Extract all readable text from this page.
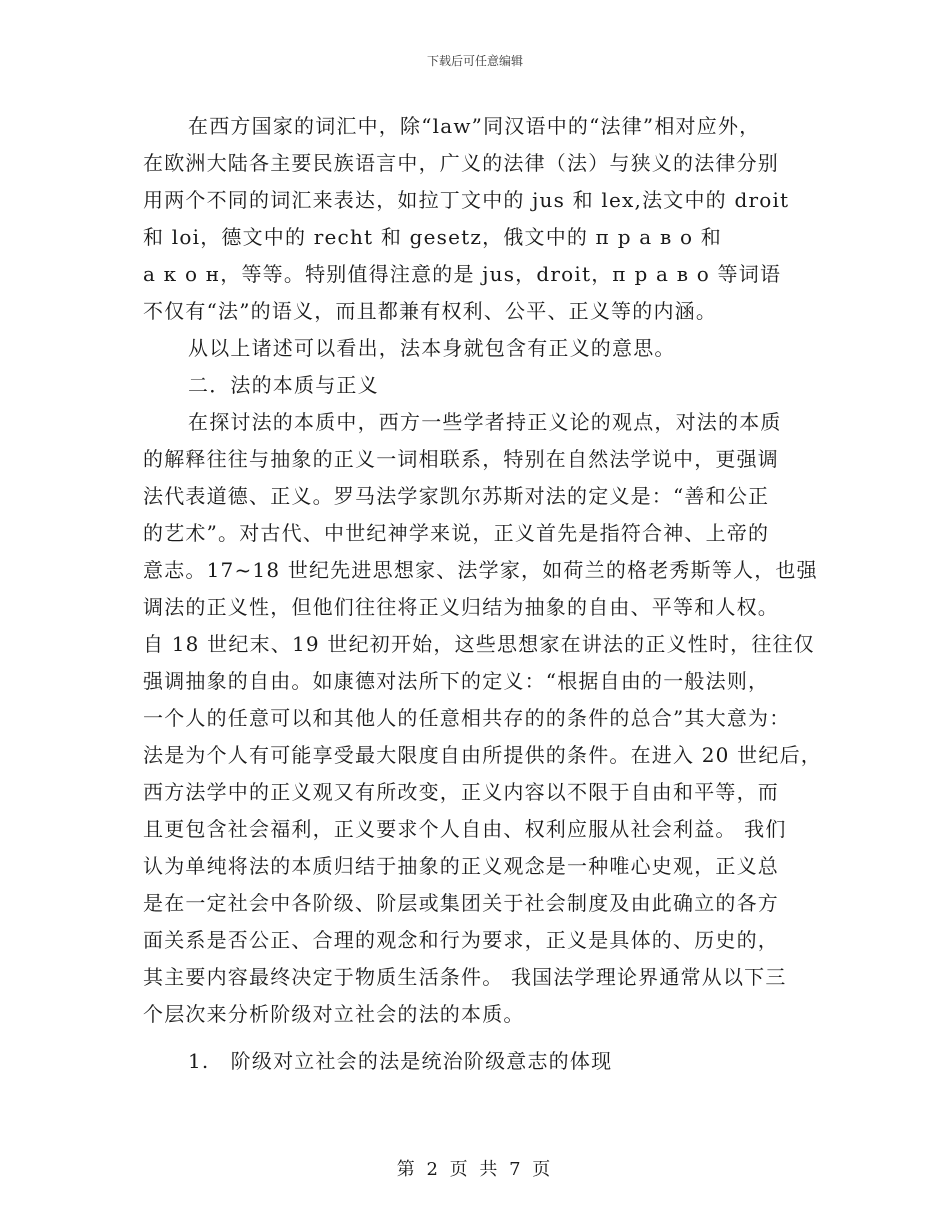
下载后可任意编辑
在西方国家的词汇中，除“law”同汉语中的“法律”相对应外，
在欧洲大陆各主要民族语言中，广义的法律（法）与狭义的法律分别
用两个不同的词汇来表达，如拉丁文中的 jus 和 lex,法文中的 droit
和 loi，德文中的 recht 和 gesetz，俄文中的 п р а в о 和
а к о н，等等。特别值得注意的是 jus，droit，п р а в о 等词语
不仅有“法”的语义，而且都兼有权利、公平、正义等的内涵。
从以上诸述可以看出，法本身就包含有正义的意思。
二．法的本质与正义
在探讨法的本质中，西方一些学者持正义论的观点，对法的本质
的解释往往与抽象的正义一词相联系，特别在自然法学说中，更强调
法代表道德、正义。罗马法学家凯尔苏斯对法的定义是：“善和公正
的艺术”。对古代、中世纪神学来说，正义首先是指符合神、上帝的
意志。17~18 世纪先进思想家、法学家，如荷兰的格老秀斯等人，也强
调法的正义性，但他们往往将正义归结为抽象的自由、平等和人权。
自 18 世纪末、19 世纪初开始，这些思想家在讲法的正义性时，往往仅
强调抽象的自由。如康德对法所下的定义：“根据自由的一般法则，
一个人的任意可以和其他人的任意相共存的的条件的总合”其大意为：
法是为个人有可能享受最大限度自由所提供的条件。在进入 20 世纪后，
西方法学中的正义观又有所改变，正义内容以不限于自由和平等，而
且更包含社会福利，正义要求个人自由、权利应服从社会利益。 我们
认为单纯将法的本质归结于抽象的正义观念是一种唯心史观，正义总
是在一定社会中各阶级、阶层或集团关于社会制度及由此确立的各方
面关系是否公正、合理的观念和行为要求，正义是具体的、历史的，
其主要内容最终决定于物质生活条件。 我国法学理论界通常从以下三
个层次来分析阶级对立社会的法的本质。
1.　阶级对立社会的法是统治阶级意志的体现
第 2 页 共 7 页
